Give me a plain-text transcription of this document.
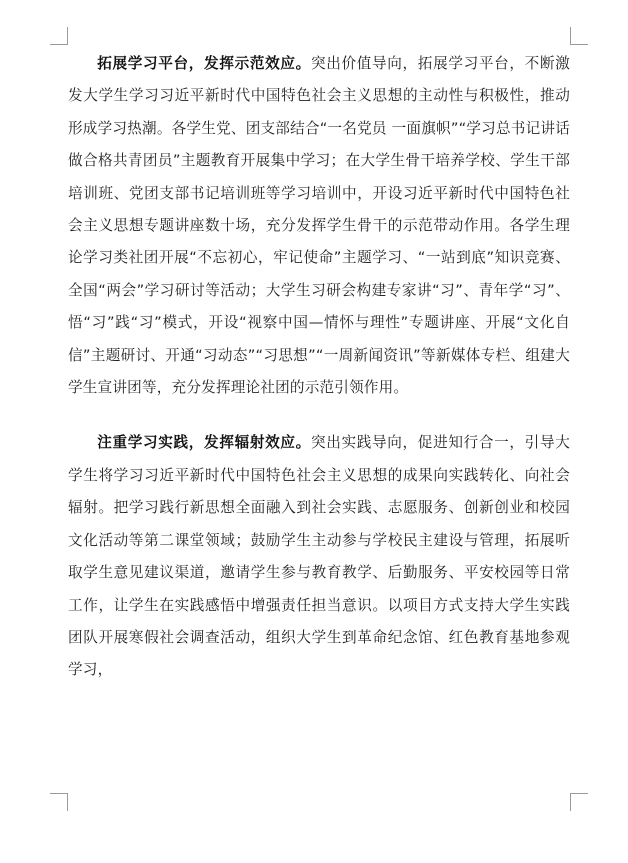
拓展学习平台，发挥示范效应。突出价值导向，拓展学习平台，不断激发大学生学习习近平新时代中国特色社会主义思想的主动性与积极性，推动形成学习热潮。各学生党、团支部结合“一名党员 一面旗帜”“学习总书记讲话 做合格共青团员”主题教育开展集中学习；在大学生骨干培养学校、学生干部培训班、党团支部书记培训班等学习培训中，开设习近平新时代中国特色社会主义思想专题讲座数十场，充分发挥学生骨干的示范带动作用。各学生理论学习类社团开展“不忘初心，牢记使命”主题学习、“一站到底”知识竞赛、全国“两会”学习研讨等活动；大学生习研会构建专家讲“习”、青年学“习”、悟“习”践“习”模式，开设“视察中国—情怀与理性”专题讲座、开展“文化自信”主题研讨、开通“习动态”“习思想”“一周新闻资讯”等新媒体专栏、组建大学生宣讲团等，充分发挥理论社团的示范引领作用。

注重学习实践，发挥辐射效应。突出实践导向，促进知行合一，引导大学生将学习习近平新时代中国特色社会主义思想的成果向实践转化、向社会辐射。把学习践行新思想全面融入到社会实践、志愿服务、创新创业和校园文化活动等第二课堂领域；鼓励学生主动参与学校民主建设与管理，拓展听取学生意见建议渠道，邀请学生参与教育教学、后勤服务、平安校园等日常工作，让学生在实践感悟中增强责任担当意识。以项目方式支持大学生实践团队开展寒假社会调查活动，组织大学生到革命纪念馆、红色教育基地参观学习，
